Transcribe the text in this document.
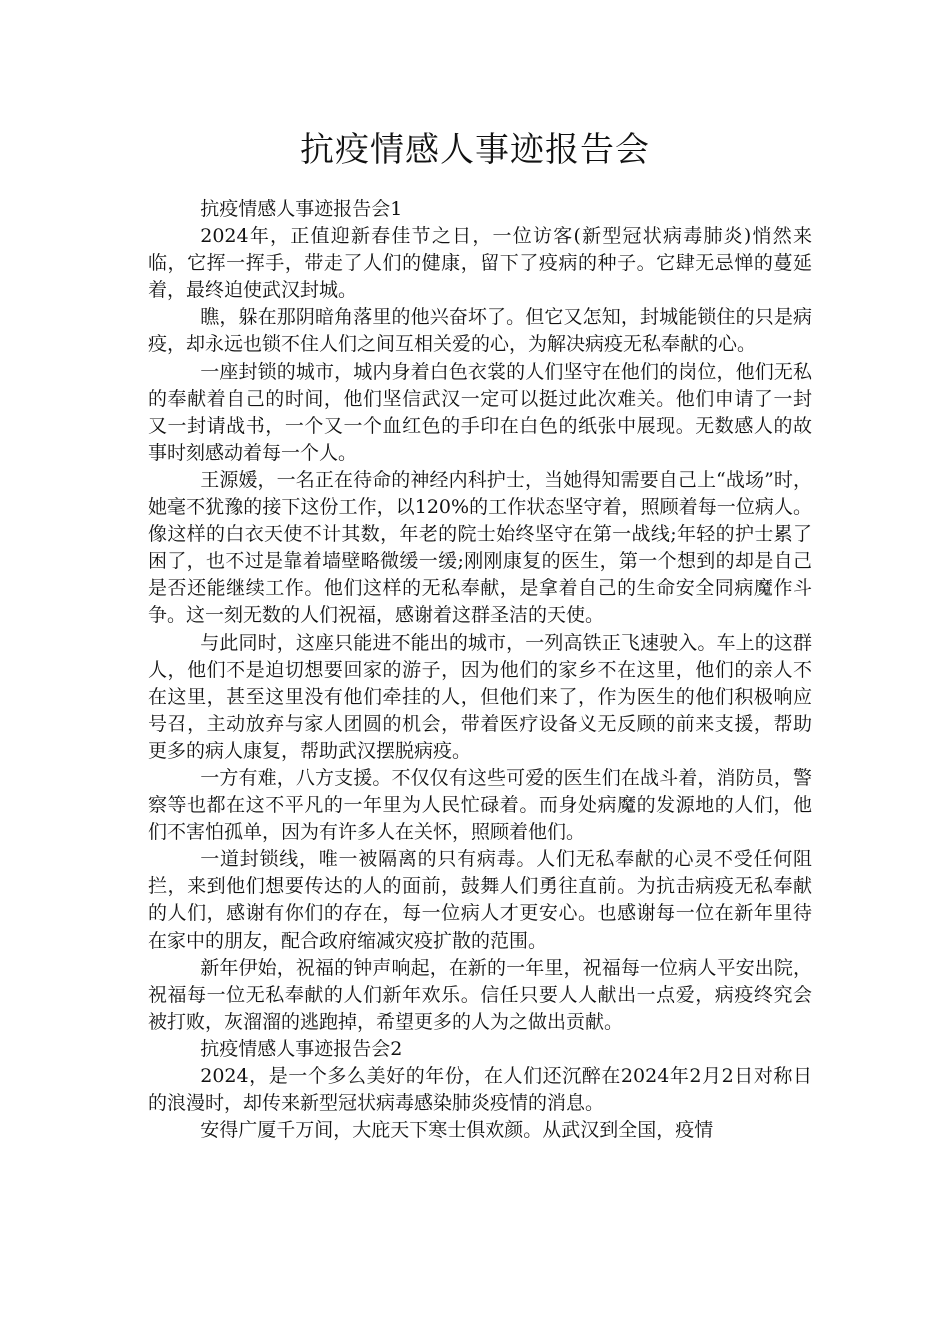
抗疫情感人事迹报告会

抗疫情感人事迹报告会1

2024年，正值迎新春佳节之日，一位访客(新型冠状病毒肺炎)悄然来临，它挥一挥手，带走了人们的健康，留下了疫病的种子。它肆无忌惮的蔓延着，最终迫使武汉封城。

瞧，躲在那阴暗角落里的他兴奋坏了。但它又怎知，封城能锁住的只是病疫，却永远也锁不住人们之间互相关爱的心，为解决病疫无私奉献的心。

一座封锁的城市，城内身着白色衣裳的人们坚守在他们的岗位，他们无私的奉献着自己的时间，他们坚信武汉一定可以挺过此次难关。他们申请了一封又一封请战书，一个又一个血红色的手印在白色的纸张中展现。无数感人的故事时刻感动着每一个人。

王源媛，一名正在待命的神经内科护士，当她得知需要自己上“战场”时，她毫不犹豫的接下这份工作，以120%的工作状态坚守着，照顾着每一位病人。像这样的白衣天使不计其数，年老的院士始终坚守在第一战线;年轻的护士累了困了，也不过是靠着墙壁略微缓一缓;刚刚康复的医生，第一个想到的却是自己是否还能继续工作。他们这样的无私奉献，是拿着自己的生命安全同病魔作斗争。这一刻无数的人们祝福，感谢着这群圣洁的天使。

与此同时，这座只能进不能出的城市，一列高铁正飞速驶入。车上的这群人，他们不是迫切想要回家的游子，因为他们的家乡不在这里，他们的亲人不在这里，甚至这里没有他们牵挂的人，但他们来了，作为医生的他们积极响应号召，主动放弃与家人团圆的机会，带着医疗设备义无反顾的前来支援，帮助更多的病人康复，帮助武汉摆脱病疫。

一方有难，八方支援。不仅仅有这些可爱的医生们在战斗着，消防员，警察等也都在这不平凡的一年里为人民忙碌着。而身处病魔的发源地的人们，他们不害怕孤单，因为有许多人在关怀，照顾着他们。

一道封锁线，唯一被隔离的只有病毒。人们无私奉献的心灵不受任何阻拦，来到他们想要传达的人的面前，鼓舞人们勇往直前。为抗击病疫无私奉献的人们，感谢有你们的存在，每一位病人才更安心。也感谢每一位在新年里待在家中的朋友，配合政府缩减灾疫扩散的范围。

新年伊始，祝福的钟声响起，在新的一年里，祝福每一位病人平安出院，祝福每一位无私奉献的人们新年欢乐。信任只要人人献出一点爱，病疫终究会被打败，灰溜溜的逃跑掉，希望更多的人为之做出贡献。

抗疫情感人事迹报告会2

2024，是一个多么美好的年份，在人们还沉醉在2024年2月2日对称日的浪漫时，却传来新型冠状病毒感染肺炎疫情的消息。

安得广厦千万间，大庇天下寒士俱欢颜。从武汉到全国，疫情
